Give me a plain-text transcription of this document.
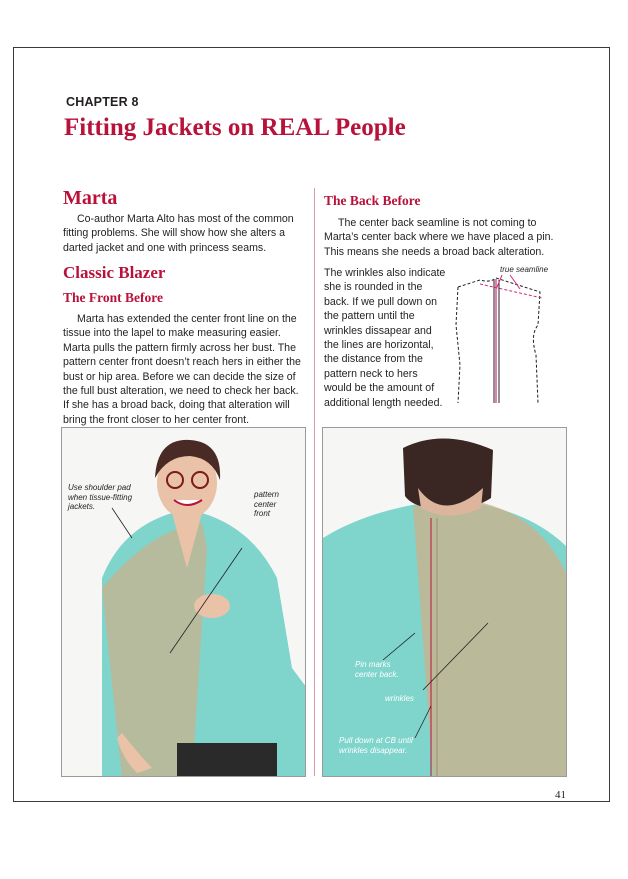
CHAPTER 8
Fitting Jackets on REAL People
Marta

Co-author Marta Alto has most of the common fitting problems. She will show how she alters a darted jacket and one with princess seams.

Classic Blazer
The Front Before

Marta has extended the center front line on the tissue into the lapel to make measuring easier. Marta pulls the pattern firmly across her bust. The pattern center front doesn’t reach hers in either the bust or hip area. Before we can decide the size of the full bust alteration, we need to check her back. If she has a broad back, doing that alteration will bring the front closer to her center front.

The Back Before

The center back seamline is not coming to Marta’s center back where we have placed a pin. This means she needs a broad back alteration.

The wrinkles also indicate she is rounded in the back. If we pull down on the pattern until the wrinkles dissapear and the lines are horizontal, the distance from the pattern neck to hers would be the amount of additional length needed.

true seamline
Use shoulder pad when tissue-fitting jackets.
pattern center front
Pin marks center back.
wrinkles
Pull down at CB until wrinkles disappear.
41
